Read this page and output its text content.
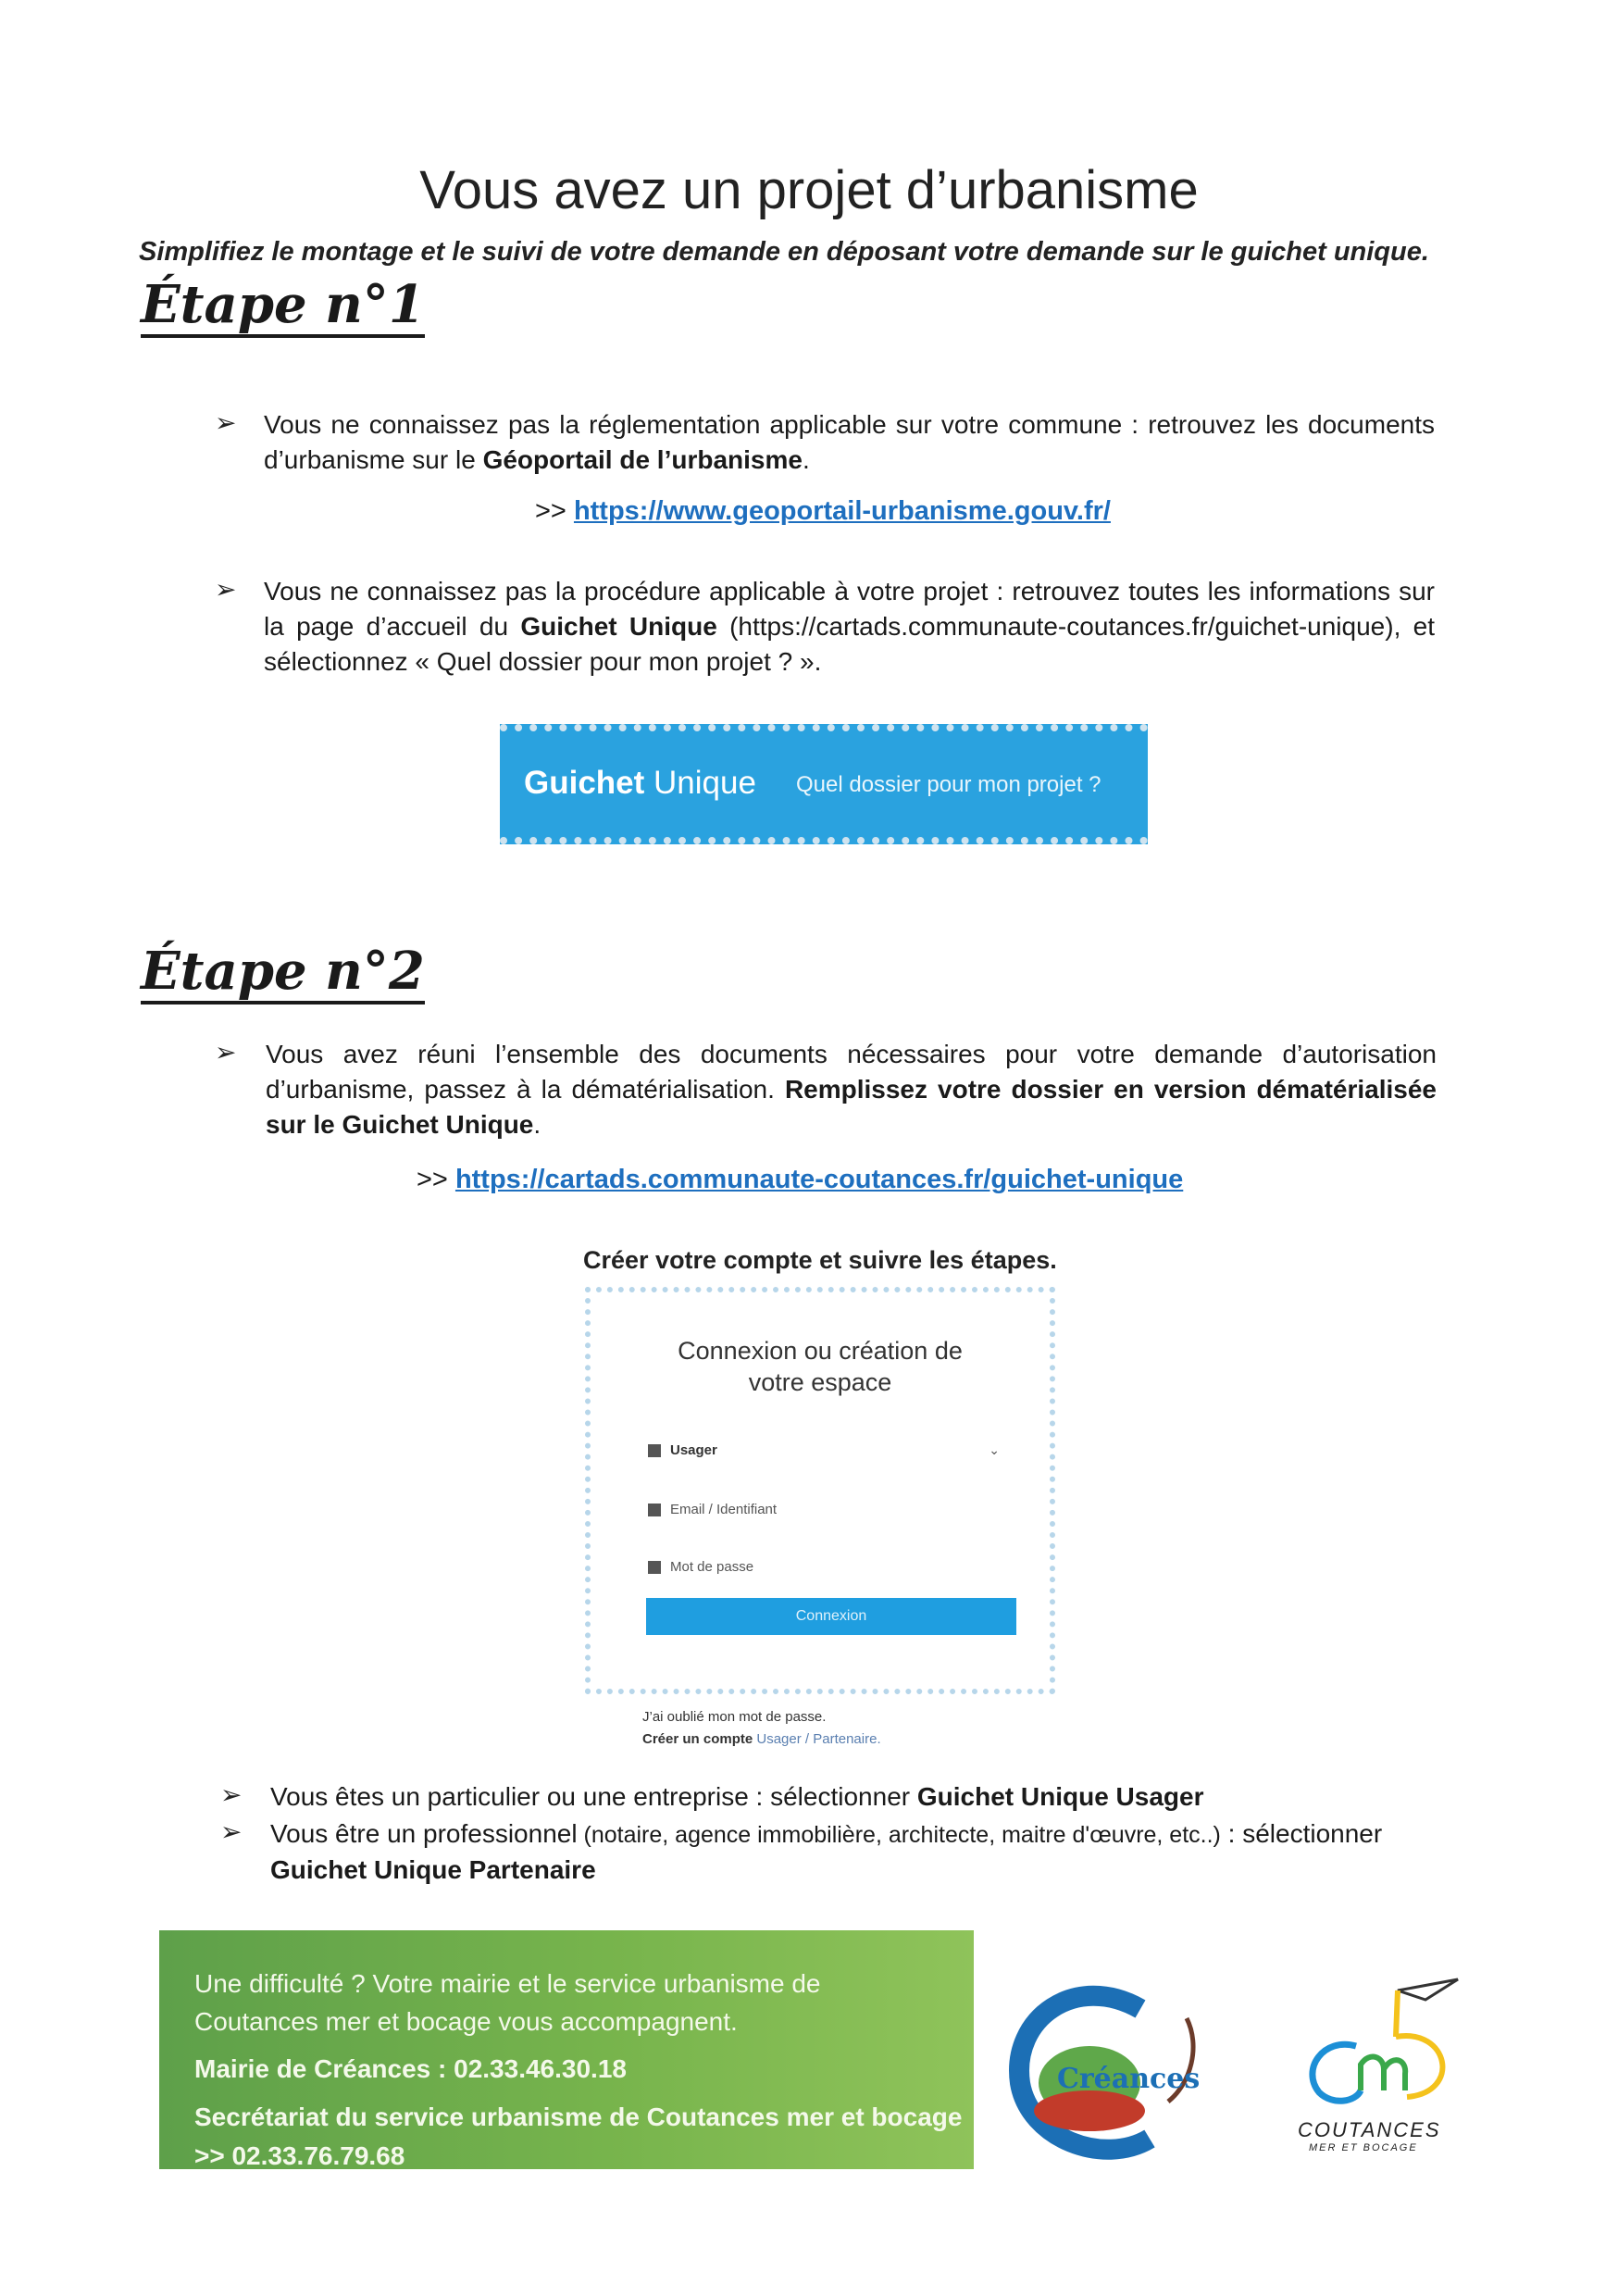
Vous avez un projet d’urbanisme
Simplifiez le montage et le suivi de votre demande en déposant votre demande sur le guichet unique.
Étape n°1
➢ Vous ne connaissez pas la réglementation applicable sur votre commune : retrouvez les documents d’urbanisme sur le Géoportail de l’urbanisme.
>> https://www.geoportail-urbanisme.gouv.fr/
➢ Vous ne connaissez pas la procédure applicable à votre projet : retrouvez toutes les informations sur la page d’accueil du Guichet Unique (https://cartads.communaute-coutances.fr/guichet-unique), et sélectionnez « Quel dossier pour mon projet ? ».
Guichet Unique Quel dossier pour mon projet ?
Étape n°2
➢ Vous avez réuni l’ensemble des documents nécessaires pour votre demande d’autorisation d’urbanisme, passez à la dématérialisation. Remplissez votre dossier en version dématérialisée sur le Guichet Unique.
>> https://cartads.communaute-coutances.fr/guichet-unique
Créer votre compte et suivre les étapes.
Connexion ou création de
votre espace
Usager	⌄
Email / Identifiant
Mot de passe
Connexion
J’ai oublié mon mot de passe.
Créer un compte Usager / Partenaire.
➢ Vous êtes un particulier ou une entreprise : sélectionner Guichet Unique Usager
➢ Vous être un professionnel (notaire, agence immobilière, architecte, maitre d'œuvre, etc..) : sélectionner
Guichet Unique Partenaire
Une difficulté ? Votre mairie et le service urbanisme de
Coutances mer et bocage vous accompagnent.
Mairie de Créances : 02.33.46.30.18
Secrétariat du service urbanisme de Coutances mer et bocage
>> 02.33.76.79.68
Créances
COUTANCES
MER ET BOCAGE
